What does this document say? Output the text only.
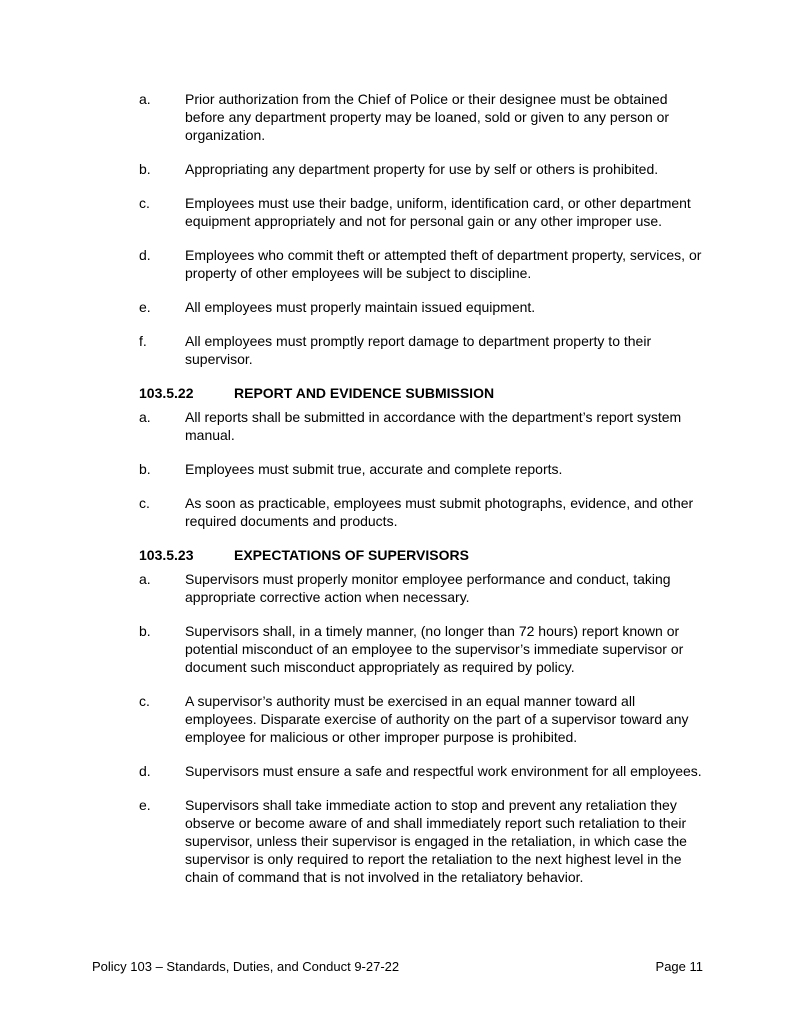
a.	Prior authorization from the Chief of Police or their designee must be obtained before any department property may be loaned, sold or given to any person or organization.
b.	Appropriating any department property for use by self or others is prohibited.
c.	Employees must use their badge, uniform, identification card, or other department equipment appropriately and not for personal gain or any other improper use.
d.	Employees who commit theft or attempted theft of department property, services, or property of other employees will be subject to discipline.
e.	All employees must properly maintain issued equipment.
f.	All employees must promptly report damage to department property to their supervisor.
103.5.22	REPORT AND EVIDENCE SUBMISSION
a.	All reports shall be submitted in accordance with the department’s report system manual.
b.	Employees must submit true, accurate and complete reports.
c.	As soon as practicable, employees must submit photographs, evidence, and other required documents and products.
103.5.23	EXPECTATIONS OF SUPERVISORS
a.	Supervisors must properly monitor employee performance and conduct, taking appropriate corrective action when necessary.
b.	Supervisors shall, in a timely manner, (no longer than 72 hours) report known or potential misconduct of an employee to the supervisor’s immediate supervisor or document such misconduct appropriately as required by policy.
c.	A supervisor’s authority must be exercised in an equal manner toward all employees. Disparate exercise of authority on the part of a supervisor toward any employee for malicious or other improper purpose is prohibited.
d.	Supervisors must ensure a safe and respectful work environment for all employees.
e.	Supervisors shall take immediate action to stop and prevent any retaliation they observe or become aware of and shall immediately report such retaliation to their supervisor, unless their supervisor is engaged in the retaliation, in which case the supervisor is only required to report the retaliation to the next highest level in the chain of command that is not involved in the retaliatory behavior.
Policy 103 – Standards, Duties, and Conduct 9-27-22	Page 11
